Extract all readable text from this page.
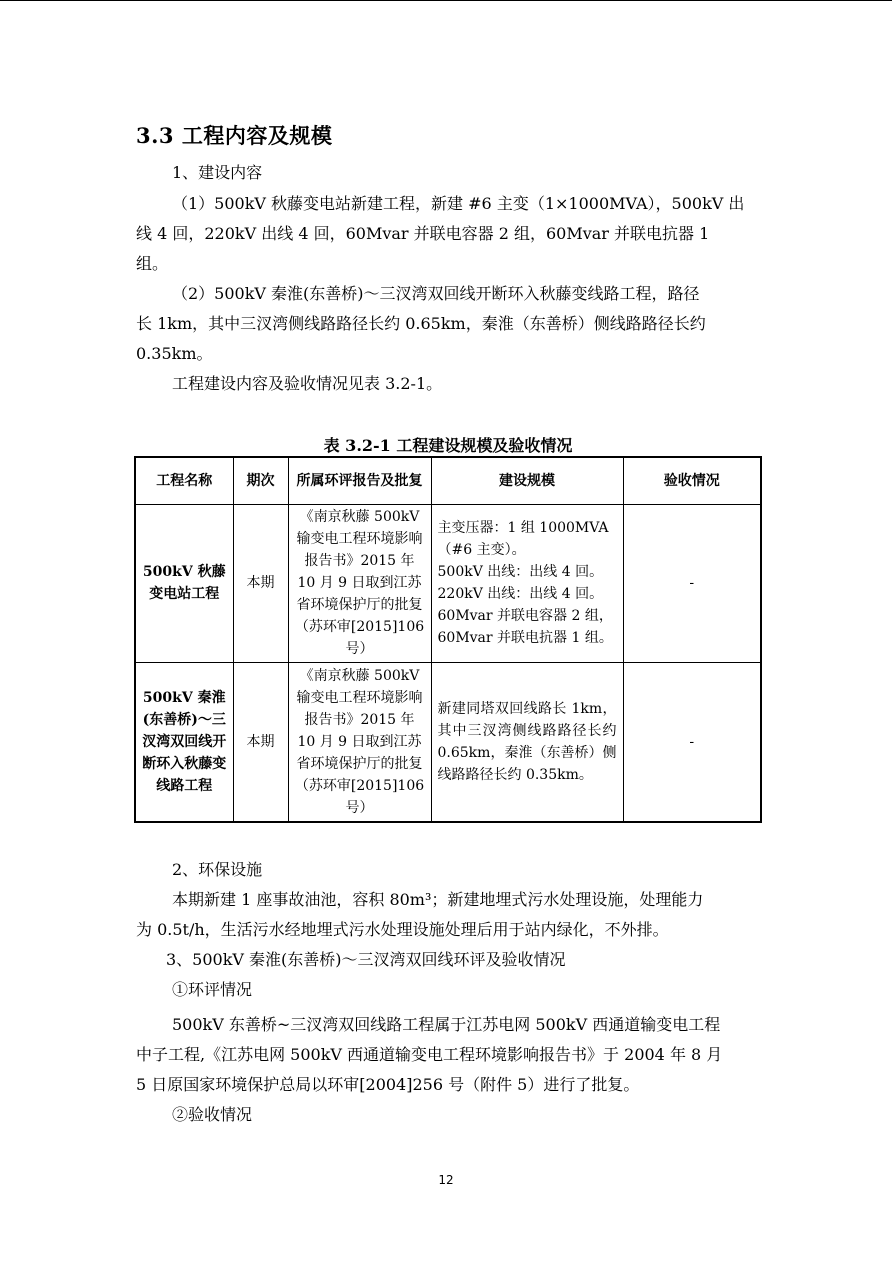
3.3 工程内容及规模
1、建设内容
（1）500kV 秋藤变电站新建工程，新建 #6 主变（1×1000MVA），500kV 出
线 4 回，220kV 出线 4 回，60Mvar 并联电容器 2 组，60Mvar 并联电抗器 1
组。
（2）500kV 秦淮(东善桥)～三汊湾双回线开断环入秋藤变线路工程，路径
长 1km，其中三汊湾侧线路路径长约 0.65km，秦淮（东善桥）侧线路路径长约
0.35km。
工程建设内容及验收情况见表 3.2-1。
表 3.2-1 工程建设规模及验收情况
工程名称	期次	所属环评报告及批复	建设规模	验收情况
500kV 秋藤变电站工程	本期	《南京秋藤 500kV 输变电工程环境影响报告书》2015 年 10 月 9 日取到江苏省环境保护厅的批复（苏环审[2015]106 号）	主变压器：1 组 1000MVA（#6 主变）。
500kV 出线：出线 4 回。
220kV 出线：出线 4 回。
60Mvar 并联电容器 2 组，60Mvar 并联电抗器 1 组。	-
500kV 秦淮(东善桥)～三汊湾双回线开断环入秋藤变线路工程	本期	《南京秋藤 500kV 输变电工程环境影响报告书》2015 年 10 月 9 日取到江苏省环境保护厅的批复（苏环审[2015]106 号）	新建同塔双回线路长 1km，其中三汊湾侧线路路径长约 0.65km，秦淮（东善桥）侧线路路径长约 0.35km。	-
2、环保设施
本期新建 1 座事故油池，容积 80m³；新建地埋式污水处理设施，处理能力
为 0.5t/h，生活污水经地埋式污水处理设施处理后用于站内绿化，不外排。
3、500kV 秦淮(东善桥)～三汊湾双回线环评及验收情况
①环评情况
500kV 东善桥~三汊湾双回线路工程属于江苏电网 500kV 西通道输变电工程
中子工程,《江苏电网 500kV 西通道输变电工程环境影响报告书》于 2004 年 8 月
5 日原国家环境保护总局以环审[2004]256 号（附件 5）进行了批复。
②验收情况
12
